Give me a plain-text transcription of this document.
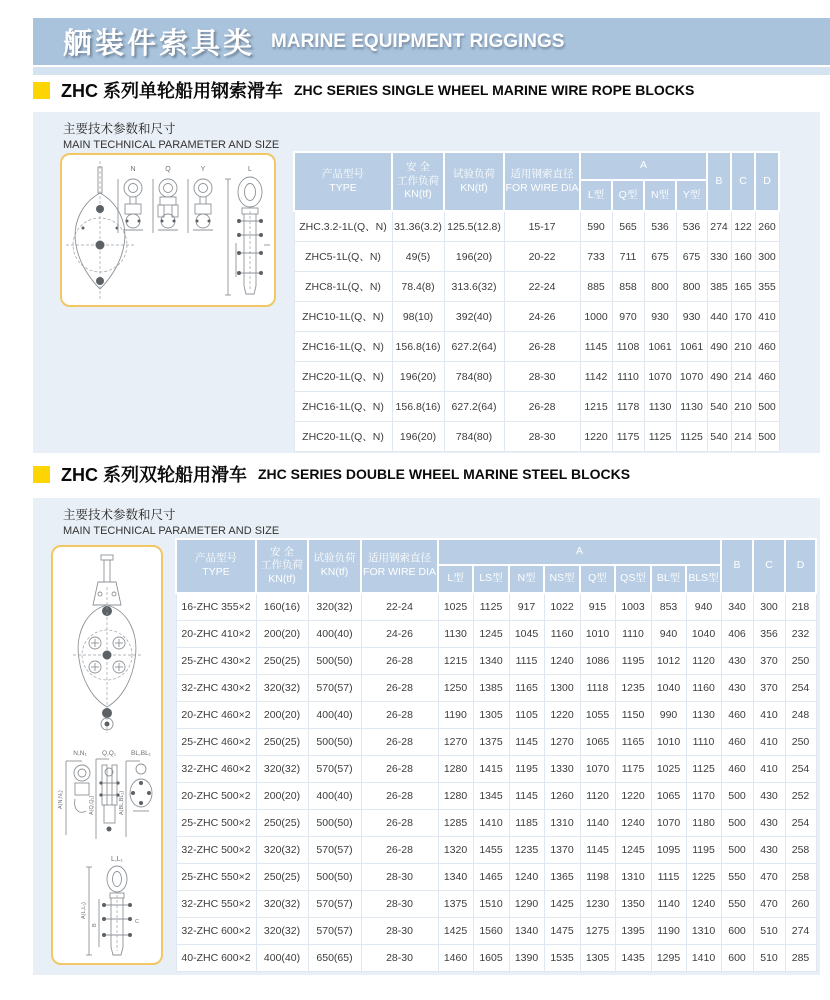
舾装件索具类 MARINE EQUIPMENT RIGGINGS
ZHC 系列单轮船用钢索滑车 ZHC SERIES SINGLE WHEEL MARINE WIRE ROPE BLOCKS
主要技术参数和尺寸
MAIN TECHNICAL PARAMETER AND SIZE
N	Q	Y	L	产品型号
TYPE

安 全
工作负荷
KN(tf)

试验负荷
KN(tf)

适用钢索直径
FOR WIRE DIA

A

B	C	D

				L型	Q型	N型	Y型			

ZHC.3.2-1L(Q、N)	31.36(3.2)	125.5(12.8)	15-17	590	565	536	536	274	122	260
ZHC5-1L(Q、N)	49(5)	196(20)	20-22	733	711	675	675	330	160	300
ZHC8-1L(Q、N)	78.4(8)	313.6(32)	22-24	885	858	800	800	385	165	355
ZHC10-1L(Q、N)	98(10)	392(40)	24-26	1000	970	930	930	440	170	410
ZHC16-1L(Q、N)	156.8(16)	627.2(64)	26-28	1145	1108	1061	1061	490	210	460
ZHC20-1L(Q、N)	196(20)	784(80)	28-30	1142	1110	1070	1070	490	214	460
ZHC16-1L(Q、N)	156.8(16)	627.2(64)	26-28	1215	1178	1130	1130	540	210	500
ZHC20-1L(Q、N)	196(20)	784(80)	28-30	1220	1175	1125	1125	540	214	500
ZHC 系列双轮船用滑车 ZHC SERIES DOUBLE WHEEL MARINE STEEL BLOCKS
主要技术参数和尺寸
MAIN TECHNICAL PARAMETER AND SIZE
N,N₁ Q,Q₁ BL,BL₁
A(N,N₁)	A(Q,Q₁)	A(BL,BL₁)
L,L₁
A(L,L₁)
B
C
产品型号
TYPE

安 全
工作负荷
KN(tf)

试验负荷
KN(tf)

适用钢索直径
FOR WIRE DIA

A

B	C	D

				L型	LS型	N型	NS型	Q型	QS型	BL型	BLS型			

16-ZHC 355×2	160(16)	320(32)	22-24	1025	1125	917	1022	915	1003	853	940	340	300	218
20-ZHC 410×2	200(20)	400(40)	24-26	1130	1245	1045	1160	1010	1110	940	1040	406	356	232
25-ZHC 430×2	250(25)	500(50)	26-28	1215	1340	1115	1240	1086	1195	1012	1120	430	370	250
32-ZHC 430×2	320(32)	570(57)	26-28	1250	1385	1165	1300	1118	1235	1040	1160	430	370	254
20-ZHC 460×2	200(20)	400(40)	26-28	1190	1305	1105	1220	1055	1150	990	1130	460	410	248
25-ZHC 460×2	250(25)	500(50)	26-28	1270	1375	1145	1270	1065	1165	1010	1110	460	410	250
32-ZHC 460×2	320(32)	570(57)	26-28	1280	1415	1195	1330	1070	1175	1025	1125	460	410	254
20-ZHC 500×2	200(20)	400(40)	26-28	1280	1345	1145	1260	1120	1220	1065	1170	500	430	252
25-ZHC 500×2	250(25)	500(50)	26-28	1285	1410	1185	1310	1140	1240	1070	1180	500	430	254
32-ZHC 500×2	320(32)	570(57)	26-28	1320	1455	1235	1370	1145	1245	1095	1195	500	430	258
25-ZHC 550×2	250(25)	500(50)	28-30	1340	1465	1240	1365	1198	1310	1115	1225	550	470	258
32-ZHC 550×2	320(32)	570(57)	28-30	1375	1510	1290	1425	1230	1350	1140	1240	550	470	260
32-ZHC 600×2	320(32)	570(57)	28-30	1425	1560	1340	1475	1275	1395	1190	1310	600	510	274
40-ZHC 600×2	400(40)	650(65)	28-30	1460	1605	1390	1535	1305	1435	1295	1410	600	510	285
